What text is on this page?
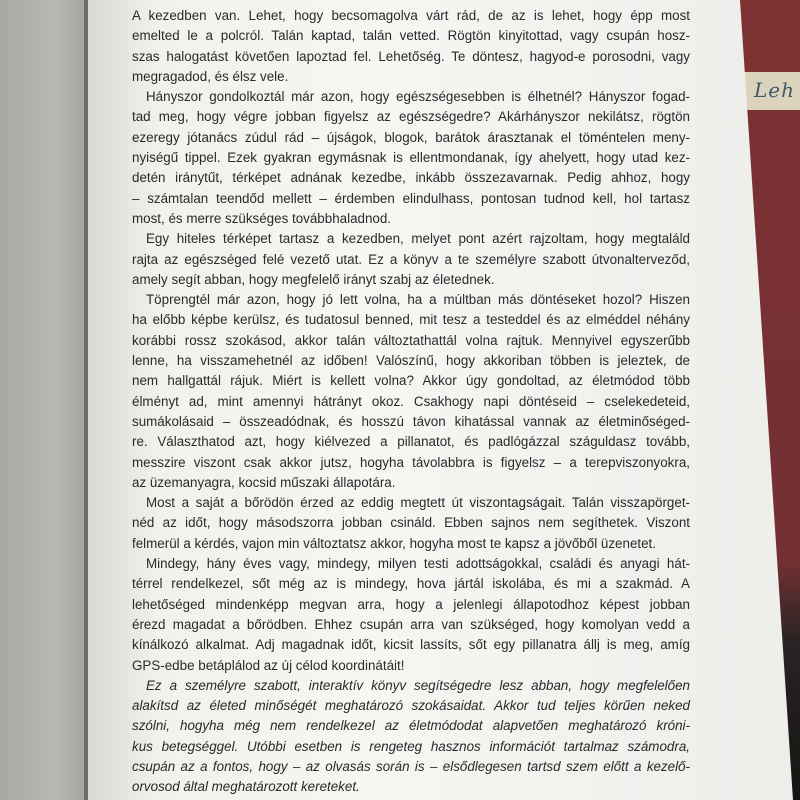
Leh
A kezedben van. Lehet, hogy becsomagolva várt rád, de az is lehet, hogy épp most
emelted le a polcról. Talán kaptad, talán vetted. Rögtön kinyitottad, vagy csupán hosz-
szas halogatást követően lapoztad fel. Lehetőség. Te döntesz, hagyod-e porosodni, vagy
megragadod, és élsz vele.
Hányszor gondolkoztál már azon, hogy egészségesebben is élhetnél? Hányszor fogad-
tad meg, hogy végre jobban figyelsz az egészségedre? Akárhányszor nekilátsz, rögtön
ezeregy jótanács zúdul rád – újságok, blogok, barátok árasztanak el töméntelen meny-
nyiségű tippel. Ezek gyakran egymásnak is ellentmondanak, így ahelyett, hogy utad kez-
detén iránytűt, térképet adnának kezedbe, inkább összezavarnak. Pedig ahhoz, hogy
– számtalan teendőd mellett – érdemben elindulhass, pontosan tudnod kell, hol tartasz
most, és merre szükséges továbbhaladnod.
Egy hiteles térképet tartasz a kezedben, melyet pont azért rajzoltam, hogy megtaláld
rajta az egészséged felé vezető utat. Ez a könyv a te személyre szabott útvonalterveződ,
amely segít abban, hogy megfelelő irányt szabj az életednek.
Töprengtél már azon, hogy jó lett volna, ha a múltban más döntéseket hozol? Hiszen
ha előbb képbe kerülsz, és tudatosul benned, mit tesz a testeddel és az elméddel néhány
korábbi rossz szokásod, akkor talán változtathattál volna rajtuk. Mennyivel egyszerűbb
lenne, ha visszamehetnél az időben! Valószínű, hogy akkoriban többen is jeleztek, de
nem hallgattál rájuk. Miért is kellett volna? Akkor úgy gondoltad, az életmódod több
élményt ad, mint amennyi hátrányt okoz. Csakhogy napi döntéseid – cselekedeteid,
sumákolásaid – összeadódnak, és hosszú távon kihatással vannak az életminőséged-
re. Választhatod azt, hogy kiélvezed a pillanatot, és padlógázzal száguldasz tovább,
messzire viszont csak akkor jutsz, hogyha távolabbra is figyelsz – a terepviszonyokra,
az üzemanyagra, kocsid műszaki állapotára.
Most a saját a bőrödön érzed az eddig megtett út viszontagságait. Talán visszapörget-
néd az időt, hogy másodszorra jobban csináld. Ebben sajnos nem segíthetek. Viszont
felmerül a kérdés, vajon min változtatsz akkor, hogyha most te kapsz a jövőből üzenetet.
Mindegy, hány éves vagy, mindegy, milyen testi adottságokkal, családi és anyagi hát-
térrel rendelkezel, sőt még az is mindegy, hova jártál iskolába, és mi a szakmád. A
lehetőséged mindenképp megvan arra, hogy a jelenlegi állapotodhoz képest jobban
érezd magadat a bőrödben. Ehhez csupán arra van szükséged, hogy komolyan vedd a
kínálkozó alkalmat. Adj magadnak időt, kicsit lassíts, sőt egy pillanatra állj is meg, amíg
GPS-edbe betáplálod az új célod koordinátáit!
Ez a személyre szabott, interaktív könyv segítségedre lesz abban, hogy megfelelően
alakítsd az életed minőségét meghatározó szokásaidat. Akkor tud teljes körűen neked
szólni, hogyha még nem rendelkezel az életmódodat alapvetően meghatározó króni-
kus betegséggel. Utóbbi esetben is rengeteg hasznos információt tartalmaz számodra,
csupán az a fontos, hogy – az olvasás során is – elsődlegesen tartsd szem előtt a kezelő-
orvosod által meghatározott kereteket.
